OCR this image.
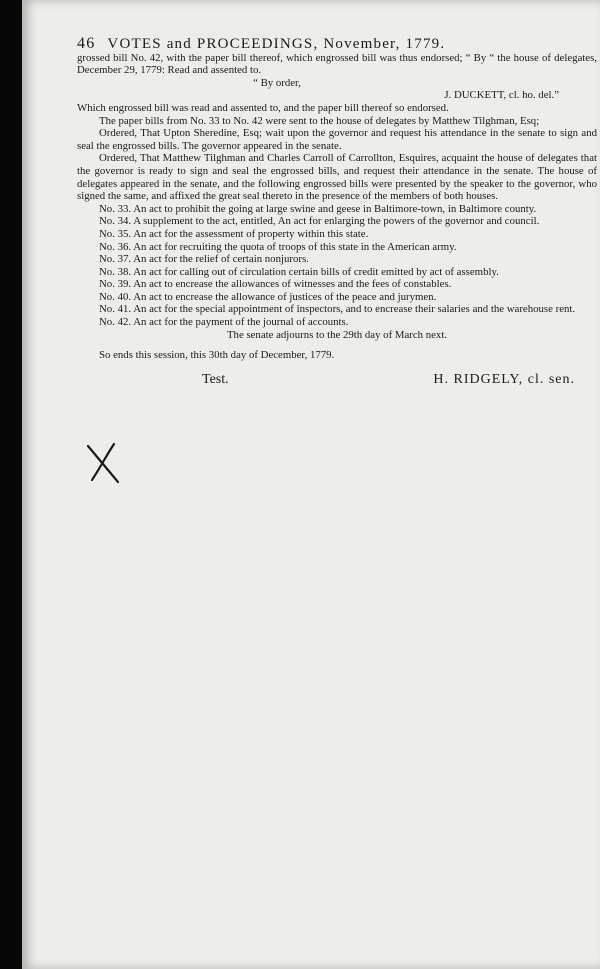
46 VOTES and PROCEEDINGS, November, 1779.

grossed bill No. 42, with the paper bill thereof, which engrossed bill was thus endorsed; “ By “ the house of delegates, December 29, 1779: Read and assented to.

“ By order,

J. DUCKETT, cl. ho. del.”

Which engrossed bill was read and assented to, and the paper bill thereof so endorsed.

The paper bills from No. 33 to No. 42 were sent to the house of delegates by Matthew Tilghman, Esq;

Ordered, That Upton Sheredine, Esq; wait upon the governor and request his attendance in the senate to sign and seal the engrossed bills. The governor appeared in the senate.

Ordered, That Matthew Tilghman and Charles Carroll of Carrollton, Esquires, acquaint the house of delegates that the governor is ready to sign and seal the engrossed bills, and request their attendance in the senate. The house of delegates appeared in the senate, and the following engrossed bills were presented by the speaker to the governor, who signed the same, and affixed the great seal thereto in the presence of the members of both houses.

No. 33. An act to prohibit the going at large swine and geese in Baltimore-town, in Baltimore county.

No. 34. A supplement to the act, entitled, An act for enlarging the powers of the governor and council.

No. 35. An act for the assessment of property within this state.

No. 36. An act for recruiting the quota of troops of this state in the American army.

No. 37. An act for the relief of certain nonjurors.

No. 38. An act for calling out of circulation certain bills of credit emitted by act of assembly.

No. 39. An act to encrease the allowances of witnesses and the fees of constables.

No. 40. An act to encrease the allowance of justices of the peace and jurymen.

No. 41. An act for the special appointment of inspectors, and to encrease their salaries and the warehouse rent.

No. 42. An act for the payment of the journal of accounts.

The senate adjourns to the 29th day of March next.

So ends this session, this 30th day of December, 1779.

Test.	H. RIDGELY, cl. sen.
